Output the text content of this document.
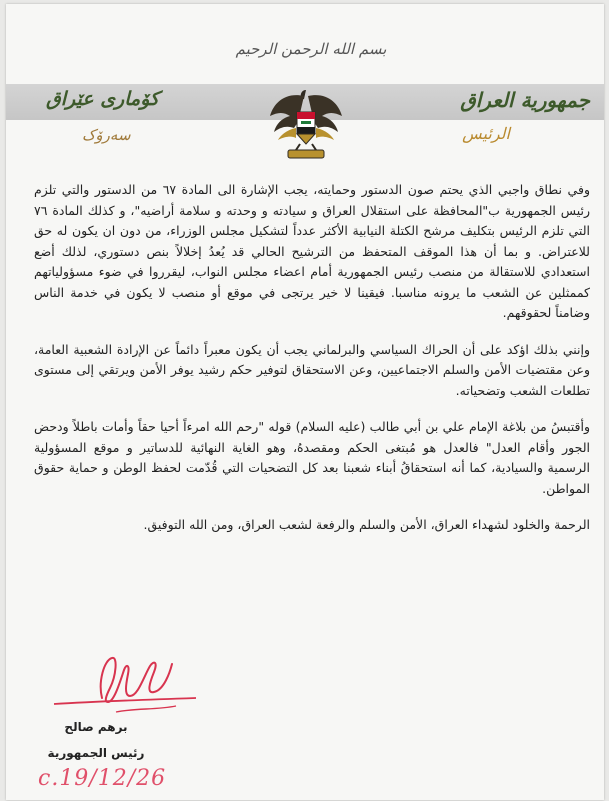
بسم الله الرحمن الرحيم
جمهورية العراق
كۆماری عێراق
الرئيس
سەرۆک

وفي نطاق واجبي الذي يحتم صون الدستور وحمايته، يجب الإشارة الى المادة ٦٧ من الدستور والتي تلزم رئيس الجمهورية ب"المحافظة على استقلال العراق و سيادته و وحدته و سلامة أراضيه"، و كذلك المادة ٧٦ التي تلزم الرئيس بتكليف مرشح الكتلة النيابية الأكثر عدداً لتشكيل مجلس الوزراء، من دون ان يكون له حق للاعتراض. و بما أن هذا الموقف المتحفظ من الترشيح الحالي قد يُعدُ إخلالاً بنص دستوري، لذلك أضع استعدادي للاستقالة من منصب رئيس الجمهورية أمام اعضاء مجلس النواب، ليقرروا في ضوء مسؤولياتهم كممثلين عن الشعب ما يرونه مناسبا. فيقينا لا خير يرتجى في موقع أو منصب لا يكون في خدمة الناس وضامناً لحقوقهم.

وإنني بذلك اؤكد على أن الحراك السياسي والبرلماني يجب أن يكون معبراً دائماً عن الإرادة الشعبية العامة، وعن مقتضيات الأمن والسلم الاجتماعيين، وعن الاستحقاق لتوفير حكم رشيد يوفر الأمن ويرتقي إلى مستوى تطلعات الشعب وتضحياته.

وأقتبسُ من بلاغة الإمام علي بن أبي طالب (عليه السلام) قوله "رحم الله امرءاً أحيا حقاً وأمات باطلاً ودحض الجور وأقام العدل" فالعدل هو مُبتغى الحكم ومقصدهُ، وهو الغاية النهائية للدساتير و موقع المسؤولية الرسمية والسيادية، كما أنه استحقاقُ أبناء شعبنا بعد كل التضحيات التي قُدّمت لحفظ الوطن و حماية حقوق المواطن.

الرحمة والخلود لشهداء العراق، الأمن والسلم والرفعة لشعب العراق، ومن الله التوفيق.

برهم صالح
رئيس الجمهورية
c.19/12/26
